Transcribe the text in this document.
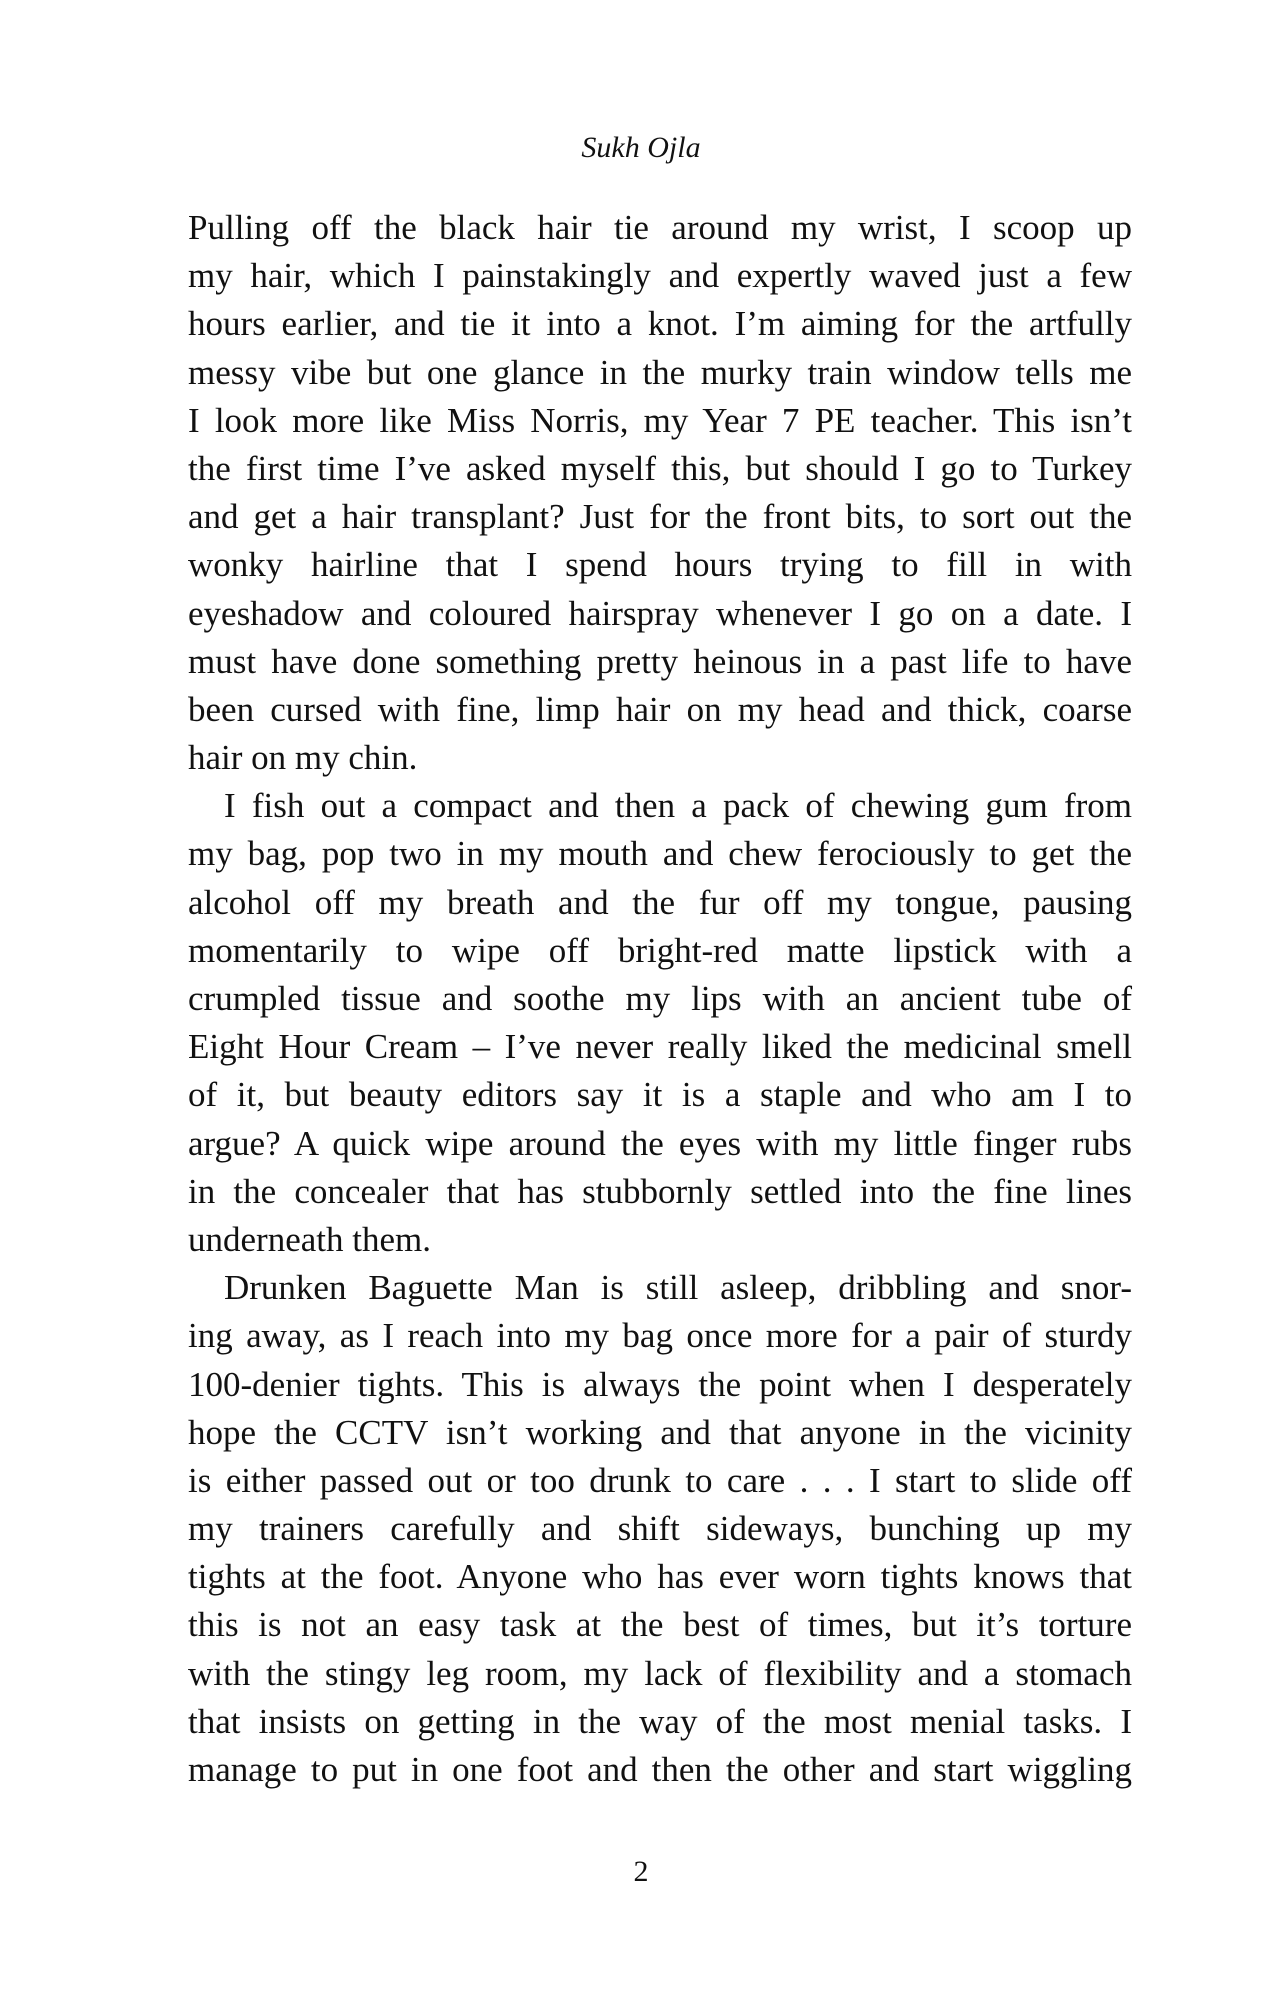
Sukh Ojla
Pulling off the black hair tie around my wrist, I scoop up
my hair, which I painstakingly and expertly waved just a few
hours earlier, and tie it into a knot. I’m aiming for the artfully
messy vibe but one glance in the murky train window tells me
I look more like Miss Norris, my Year 7 PE teacher. This isn’t
the first time I’ve asked myself this, but should I go to Turkey
and get a hair transplant? Just for the front bits, to sort out the
wonky hairline that I spend hours trying to fill in with
eyeshadow and coloured hairspray whenever I go on a date. I
must have done something pretty heinous in a past life to have
been cursed with fine, limp hair on my head and thick, coarse
hair on my chin.
I fish out a compact and then a pack of chewing gum from
my bag, pop two in my mouth and chew ferociously to get the
alcohol off my breath and the fur off my tongue, pausing
momentarily to wipe off bright-red matte lipstick with a
crumpled tissue and soothe my lips with an ancient tube of
Eight Hour Cream – I’ve never really liked the medicinal smell
of it, but beauty editors say it is a staple and who am I to
argue? A quick wipe around the eyes with my little finger rubs
in the concealer that has stubbornly settled into the fine lines
underneath them.
Drunken Baguette Man is still asleep, dribbling and snor-
ing away, as I reach into my bag once more for a pair of sturdy
100-denier tights. This is always the point when I desperately
hope the CCTV isn’t working and that anyone in the vicinity
is either passed out or too drunk to care . . . I start to slide off
my trainers carefully and shift sideways, bunching up my
tights at the foot. Anyone who has ever worn tights knows that
this is not an easy task at the best of times, but it’s torture
with the stingy leg room, my lack of flexibility and a stomach
that insists on getting in the way of the most menial tasks. I
manage to put in one foot and then the other and start wiggling
2
